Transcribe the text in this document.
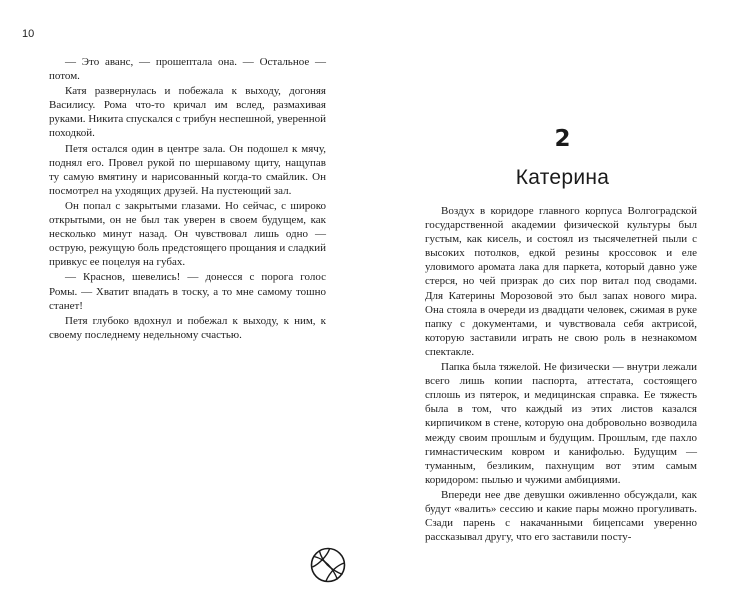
10

— Это аванс, — прошептала она. — Остальное — потом.

Катя развернулась и побежала к выходу, догоняя Василису. Рома что-то кричал им вслед, размахивая руками. Никита спускался с трибун неспешной, уверенной походкой.

Петя остался один в центре зала. Он подошел к мячу, поднял его. Провел рукой по шершавому щиту, нащупав ту самую вмятину и нарисованный когда-то смайлик. Он посмотрел на уходящих друзей. На пустеющий зал.

Он попал с закрытыми глазами. Но сейчас, с широко открытыми, он не был так уверен в своем будущем, как несколько минут назад. Он чувствовал лишь одно — острую, режущую боль предстоящего прощания и сладкий привкус ее поцелуя на губах.

— Краснов, шевелись! — донесся с порога голос Ромы. — Хватит впадать в тоску, а то мне самому тошно станет!

Петя глубоко вдохнул и побежал к выходу, к ним, к своему последнему недельному счастью.

2
Катерина

Воздух в коридоре главного корпуса Волгоградской государственной академии физической культуры был густым, как кисель, и состоял из тысячелетней пыли с высоких потолков, едкой резины кроссовок и еле уловимого аромата лака для паркета, который давно уже стерся, но чей призрак до сих пор витал под сводами. Для Катерины Морозовой это был запах нового мира. Она стояла в очереди из двадцати человек, сжимая в руке папку с документами, и чувствовала себя актрисой, которую заставили играть не свою роль в незнакомом спектакле.

Папка была тяжелой. Не физически — внутри лежали всего лишь копии паспорта, аттестата, состоящего сплошь из пятерок, и медицинская справка. Ее тяжесть была в том, что каждый из этих листов казался кирпичиком в стене, которую она добровольно возводила между своим прошлым и будущим. Прошлым, где пахло гимнастическим ковром и канифолью. Будущим — туманным, безликим, пахнущим вот этим самым коридором: пылью и чужими амбициями.

Впереди нее две девушки оживленно обсуждали, как будут «валить» сессию и какие пары можно прогуливать. Сзади парень с накачанными бицепсами уверенно рассказывал другу, что его заставили посту-
